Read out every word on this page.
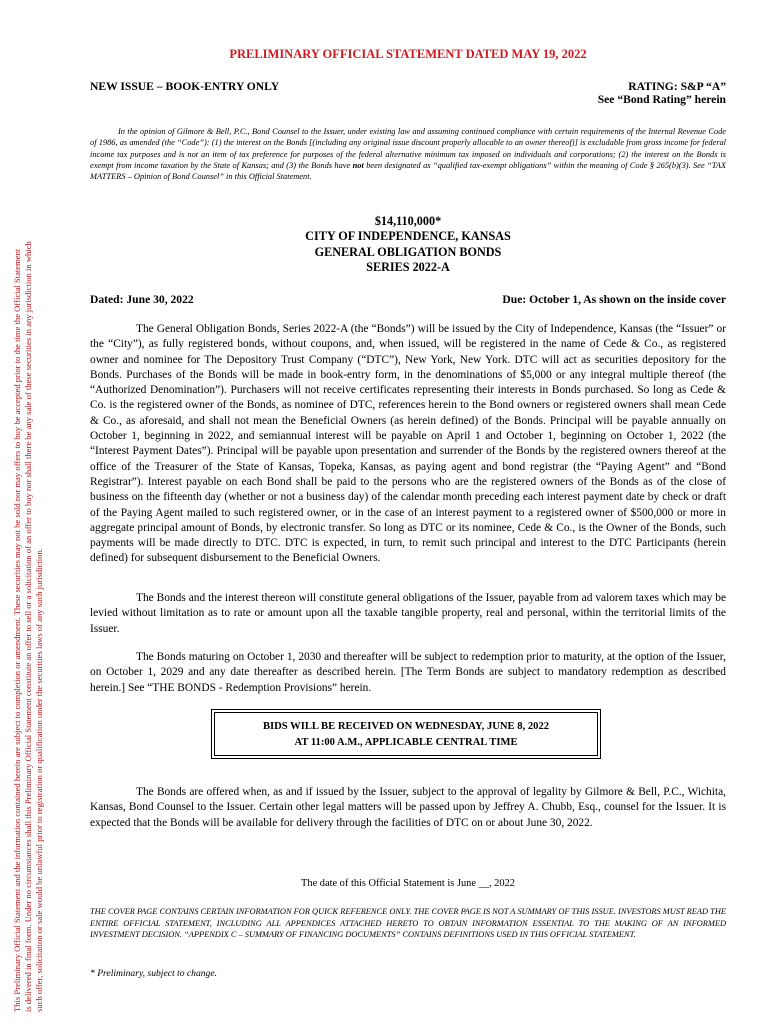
This Preliminary Official Statement and the information contained herein are subject to completion or amendment. These securities may not be sold nor may offers to buy be accepted prior to the time the Official Statement is delivered in final form. Under no circumstances shall this Preliminary Official Statement constitute an offer to sell or a solicitation of an offer to buy nor shall there be any sale of these securities in any jurisdiction in which such offer, solicitation or sale would be unlawful prior to registration or qualification under the securities laws of any such jurisdiction.
PRELIMINARY OFFICIAL STATEMENT DATED MAY 19, 2022
NEW ISSUE – BOOK-ENTRY ONLY	RATING: S&P “A”
See “Bond Rating” herein

In the opinion of Gilmore & Bell, P.C., Bond Counsel to the Issuer, under existing law and assuming continued compliance with certain requirements of the Internal Revenue Code of 1986, as amended (the “Code”): (1) the interest on the Bonds [(including any original issue discount properly allocable to an owner thereof)] is excludable from gross income for federal income tax purposes and is not an item of tax preference for purposes of the federal alternative minimum tax imposed on individuals and corporations; (2) the interest on the Bonds is exempt from income taxation by the State of Kansas; and (3) the Bonds have not been designated as “qualified tax-exempt obligations” within the meaning of Code § 265(b)(3). See “TAX MATTERS – Opinion of Bond Counsel” in this Official Statement.

$14,110,000*
CITY OF INDEPENDENCE, KANSAS
GENERAL OBLIGATION BONDS
SERIES 2022-A
Dated: June 30, 2022	Due: October 1, As shown on the inside cover

The General Obligation Bonds, Series 2022-A (the “Bonds”) will be issued by the City of Independence, Kansas (the “Issuer” or the “City”), as fully registered bonds, without coupons, and, when issued, will be registered in the name of Cede & Co., as registered owner and nominee for The Depository Trust Company (“DTC”), New York, New York. DTC will act as securities depository for the Bonds. Purchases of the Bonds will be made in book-entry form, in the denominations of $5,000 or any integral multiple thereof (the “Authorized Denomination”). Purchasers will not receive certificates representing their interests in Bonds purchased. So long as Cede & Co. is the registered owner of the Bonds, as nominee of DTC, references herein to the Bond owners or registered owners shall mean Cede & Co., as aforesaid, and shall not mean the Beneficial Owners (as herein defined) of the Bonds. Principal will be payable annually on October 1, beginning in 2022, and semiannual interest will be payable on April 1 and October 1, beginning on October 1, 2022 (the “Interest Payment Dates”). Principal will be payable upon presentation and surrender of the Bonds by the registered owners thereof at the office of the Treasurer of the State of Kansas, Topeka, Kansas, as paying agent and bond registrar (the “Paying Agent” and “Bond Registrar”). Interest payable on each Bond shall be paid to the persons who are the registered owners of the Bonds as of the close of business on the fifteenth day (whether or not a business day) of the calendar month preceding each interest payment date by check or draft of the Paying Agent mailed to such registered owner, or in the case of an interest payment to a registered owner of $500,000 or more in aggregate principal amount of Bonds, by electronic transfer. So long as DTC or its nominee, Cede & Co., is the Owner of the Bonds, such payments will be made directly to DTC. DTC is expected, in turn, to remit such principal and interest to the DTC Participants (herein defined) for subsequent disbursement to the Beneficial Owners.

The Bonds and the interest thereon will constitute general obligations of the Issuer, payable from ad valorem taxes which may be levied without limitation as to rate or amount upon all the taxable tangible property, real and personal, within the territorial limits of the Issuer.

The Bonds maturing on October 1, 2030 and thereafter will be subject to redemption prior to maturity, at the option of the Issuer, on October 1, 2029 and any date thereafter as described herein. [The Term Bonds are subject to mandatory redemption as described herein.] See “THE BONDS - Redemption Provisions” herein.

BIDS WILL BE RECEIVED ON WEDNESDAY, JUNE 8, 2022
AT 11:00 A.M., APPLICABLE CENTRAL TIME

The Bonds are offered when, as and if issued by the Issuer, subject to the approval of legality by Gilmore & Bell, P.C., Wichita, Kansas, Bond Counsel to the Issuer. Certain other legal matters will be passed upon by Jeffrey A. Chubb, Esq., counsel for the Issuer. It is expected that the Bonds will be available for delivery through the facilities of DTC on or about June 30, 2022.

The date of this Official Statement is June __, 2022

THE COVER PAGE CONTAINS CERTAIN INFORMATION FOR QUICK REFERENCE ONLY. THE COVER PAGE IS NOT A SUMMARY OF THIS ISSUE. INVESTORS MUST READ THE ENTIRE OFFICIAL STATEMENT, INCLUDING ALL APPENDICES ATTACHED HERETO TO OBTAIN INFORMATION ESSENTIAL TO THE MAKING OF AN INFORMED INVESTMENT DECISION. “APPENDIX C – SUMMARY OF FINANCING DOCUMENTS” CONTAINS DEFINITIONS USED IN THIS OFFICIAL STATEMENT.

* Preliminary, subject to change.
